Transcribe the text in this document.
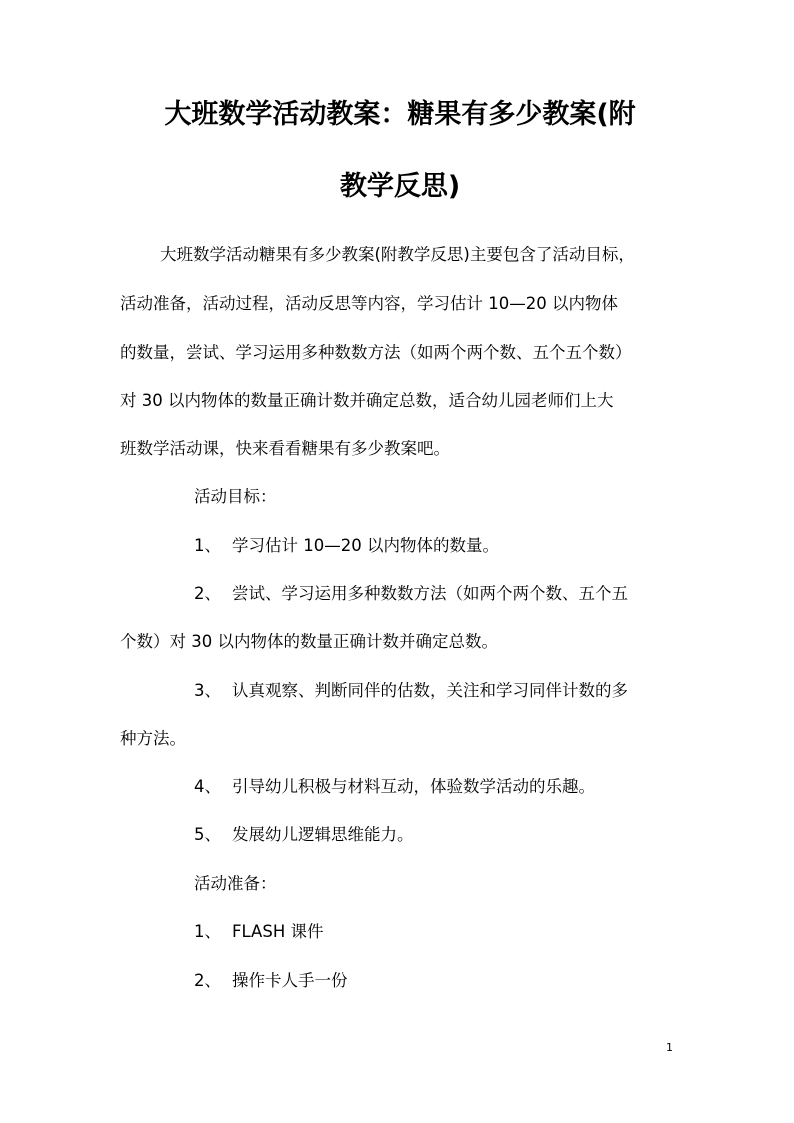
大班数学活动教案：糖果有多少教案(附
教学反思)
大班数学活动糖果有多少教案(附教学反思)主要包含了活动目标，
活动准备，活动过程，活动反思等内容，学习估计 10—20 以内物体
的数量，尝试、学习运用多种数数方法（如两个两个数、五个五个数）
对 30 以内物体的数量正确计数并确定总数，适合幼儿园老师们上大
班数学活动课，快来看看糖果有多少教案吧。
活动目标：
1、 学习估计 10—20 以内物体的数量。
2、 尝试、学习运用多种数数方法（如两个两个数、五个五
个数）对 30 以内物体的数量正确计数并确定总数。
3、 认真观察、判断同伴的估数，关注和学习同伴计数的多
种方法。
4、 引导幼儿积极与材料互动，体验数学活动的乐趣。
5、 发展幼儿逻辑思维能力。
活动准备：
1、 FLASH 课件
2、 操作卡人手一份
1
